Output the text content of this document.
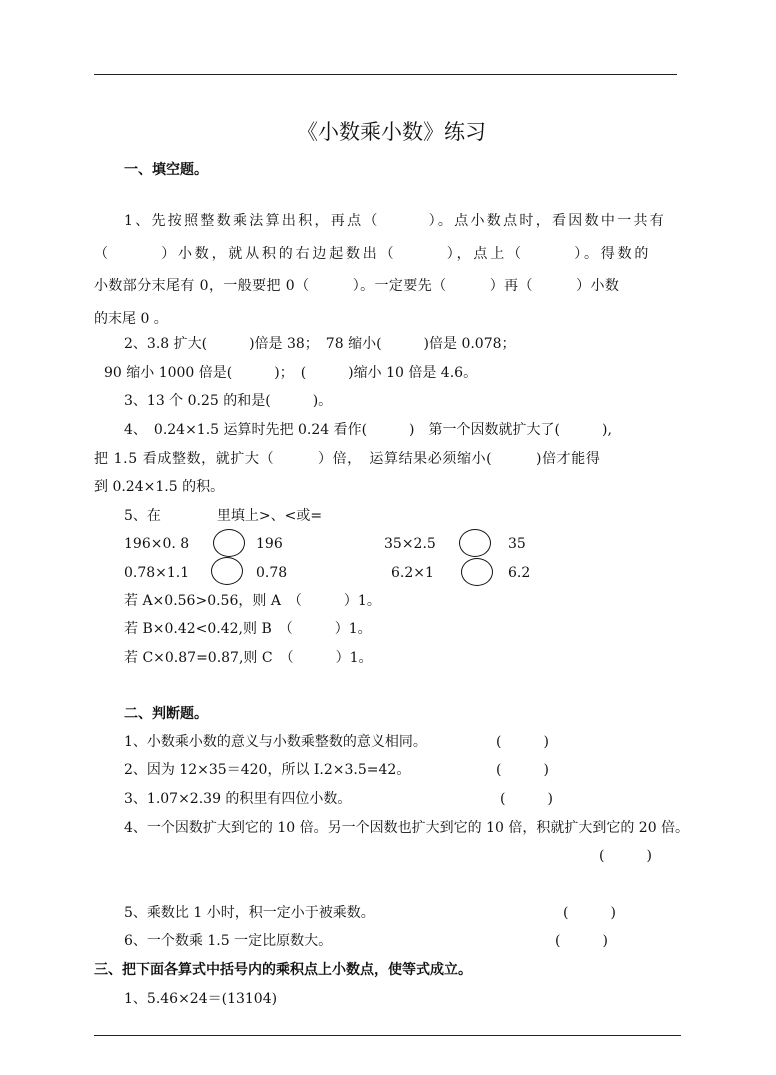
《小数乘小数》练习
一、填空题。
1、先按照整数乘法算出积，再点（　　　）。点小数点时，看因数中一共有
（　　　）小数，就从积的右边起数出（　　　），点上（　　　）。得数的
小数部分末尾有 0，一般要把 0（　　　）。一定要先（　　　）再（　　　）小数
的末尾 0 。
2、3.8 扩大(　　　)倍是 38；　78 缩小(　　　)倍是 0.078；
90 缩小 1000 倍是(　　　)；　(　　　)缩小 10 倍是 4.6。
3、13 个 0.25 的和是(　　　)。
4、　0.24×1.5 运算时先把 0.24 看作(　　　)　第一个因数就扩大了(　　　),
把 1.5 看成整数，就扩大（　　　）倍，　运算结果必须缩小(　　　)倍才能得
到 0.24×1.5 的积。
5、在　　　　里填上>、<或=
196×0. 8	196	35×2.5	35
0.78×1.1	0.78	6.2×1	6.2
若 A×0.56>0.56，则 A　（　　　）1。
若 B×0.42<0.42,则 B　（　　　）1。
若 C×0.87=0.87,则 C　（　　　）1。
二、判断题。
1、小数乘小数的意义与小数乘整数的意义相同。	(　　　)
2、因为 12×35＝420，所以 I.2×3.5=42。	(　　　)
3、1.07×2.39 的积里有四位小数。	(　　　)
4、一个因数扩大到它的 10 倍。另一个因数也扩大到它的 10 倍，积就扩大到它的 20 倍。
(　　　)
5、乘数比 1 小时，积一定小于被乘数。	(　　　)
6、一个数乘 1.5 一定比原数大。	(　　　)
三、把下面各算式中括号内的乘积点上小数点，使等式成立。
1、5.46×24＝(13104)
